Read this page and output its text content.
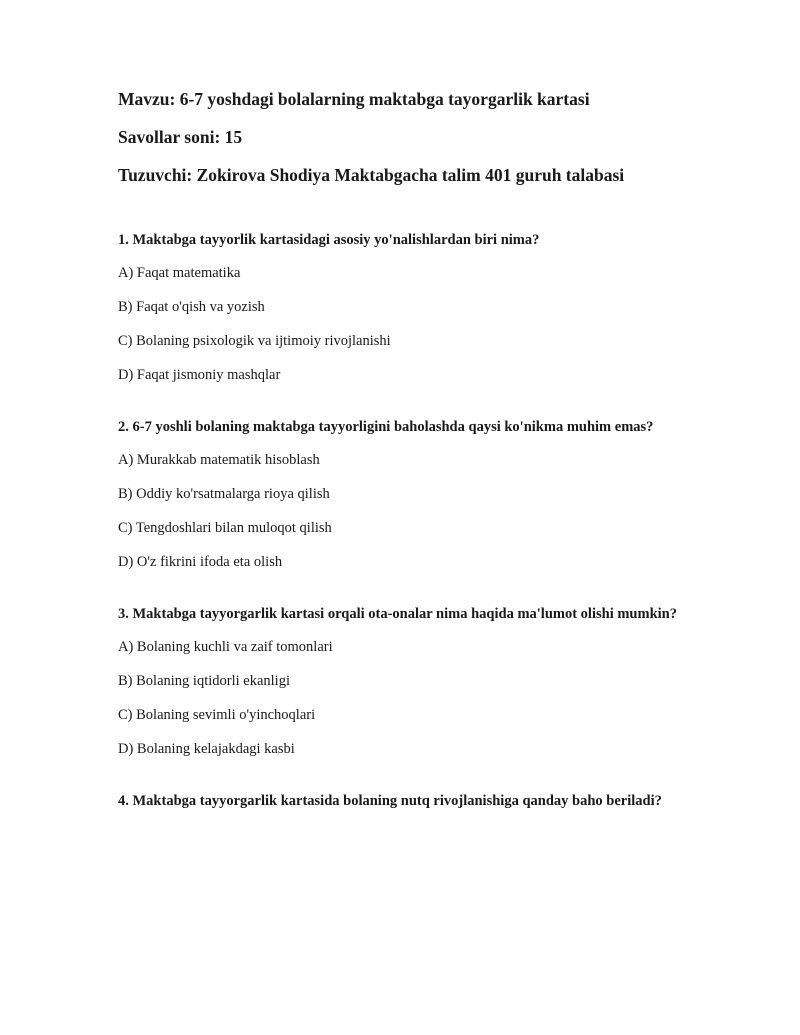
Mavzu: 6-7 yoshdagi bolalarning maktabga tayorgarlik kartasi
Savollar soni: 15
Tuzuvchi: Zokirova Shodiya Maktabgacha talim 401 guruh talabasi
1. Maktabga tayyorlik kartasidagi asosiy yo'nalishlardan biri nima?
A) Faqat matematika
B) Faqat o'qish va yozish
C) Bolaning psixologik va ijtimoiy rivojlanishi
D) Faqat jismoniy mashqlar
2. 6-7 yoshli bolaning maktabga tayyorligini baholashda qaysi ko'nikma muhim emas?
A) Murakkab matematik hisoblash
B) Oddiy ko'rsatmalarga rioya qilish
C) Tengdoshlari bilan muloqot qilish
D) O'z fikrini ifoda eta olish
3. Maktabga tayyorgarlik kartasi orqali ota-onalar nima haqida ma'lumot olishi mumkin?
A) Bolaning kuchli va zaif tomonlari
B) Bolaning iqtidorli ekanligi
C) Bolaning sevimli o'yinchoqlari
D) Bolaning kelajakdagi kasbi
4. Maktabga tayyorgarlik kartasida bolaning nutq rivojlanishiga qanday baho beriladi?
